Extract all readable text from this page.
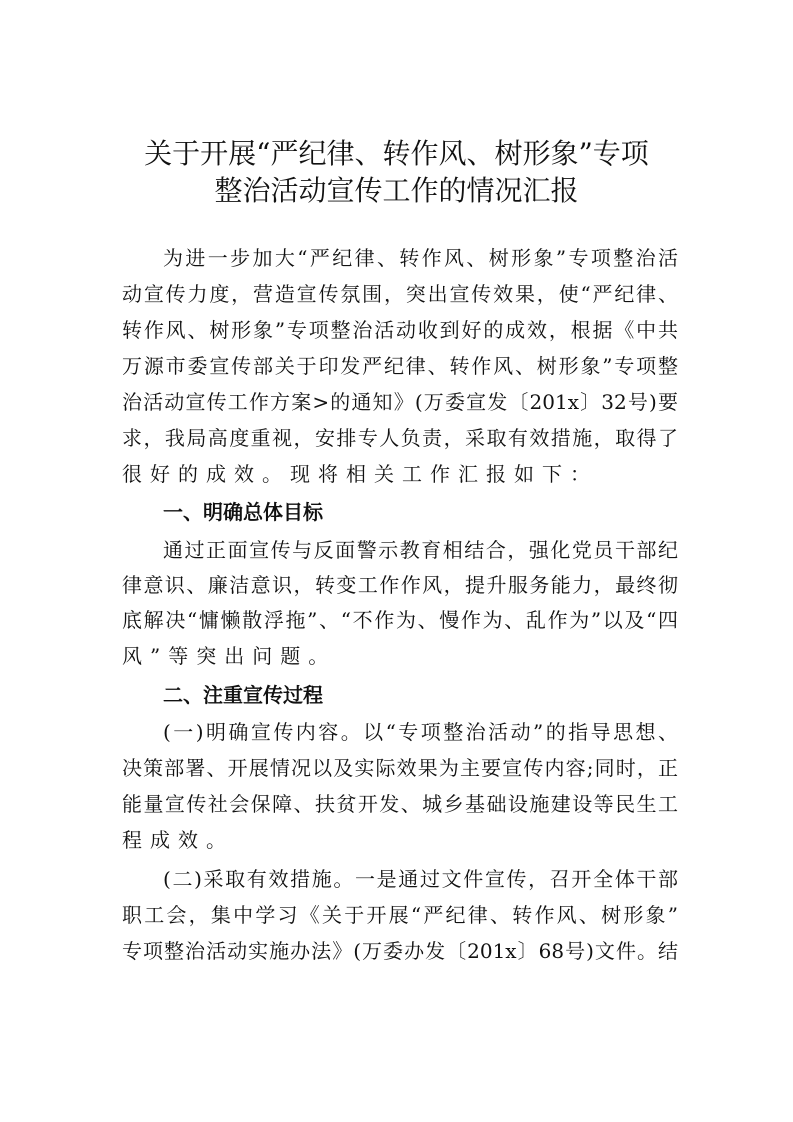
关于开展“严纪律、转作风、树形象”专项
整治活动宣传工作的情况汇报
为进一步加大“严纪律、转作风、树形象”专项整治活
动宣传力度，营造宣传氛围，突出宣传效果，使“严纪律、
转作风、树形象”专项整治活动收到好的成效，根据《中共
万源市委宣传部关于印发严纪律、转作风、树形象”专项整
治活动宣传工作方案>的通知》(万委宣发〔201x〕32号)要
求，我局高度重视，安排专人负责，采取有效措施，取得了
很好的成效。现将相关工作汇报如下：
一、明确总体目标
通过正面宣传与反面警示教育相结合，强化党员干部纪
律意识、廉洁意识，转变工作作风，提升服务能力，最终彻
底解决“慵懒散浮拖”、“不作为、慢作为、乱作为”以及“四
风”等突出问题。
二、注重宣传过程
(一)明确宣传内容。以“专项整治活动”的指导思想、
决策部署、开展情况以及实际效果为主要宣传内容;同时，正
能量宣传社会保障、扶贫开发、城乡基础设施建设等民生工
程成效。
(二)采取有效措施。一是通过文件宣传，召开全体干部
职工会，集中学习《关于开展“严纪律、转作风、树形象”
专项整治活动实施办法》(万委办发〔201x〕68号)文件。结
